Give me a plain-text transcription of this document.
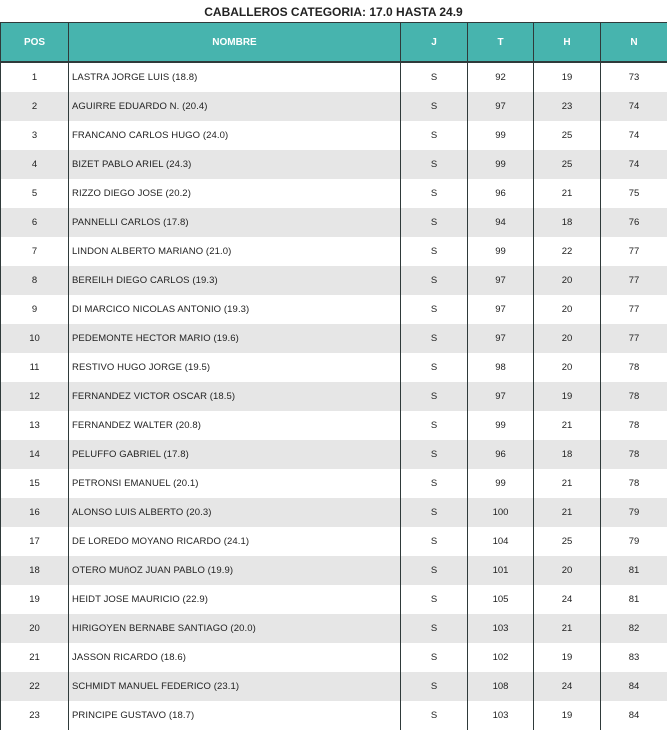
CABALLEROS CATEGORIA: 17.0 HASTA 24.9
POS	NOMBRE	J	T	H	N
1	LASTRA JORGE LUIS (18.8)	S	92	19	73
2	AGUIRRE EDUARDO N. (20.4)	S	97	23	74
3	FRANCANO CARLOS HUGO (24.0)	S	99	25	74
4	BIZET PABLO ARIEL (24.3)	S	99	25	74
5	RIZZO DIEGO JOSE (20.2)	S	96	21	75
6	PANNELLI CARLOS (17.8)	S	94	18	76
7	LINDON ALBERTO MARIANO (21.0)	S	99	22	77
8	BEREILH DIEGO CARLOS (19.3)	S	97	20	77
9	DI MARCICO NICOLAS ANTONIO (19.3)	S	97	20	77
10	PEDEMONTE HECTOR MARIO (19.6)	S	97	20	77
11	RESTIVO HUGO JORGE (19.5)	S	98	20	78
12	FERNANDEZ VICTOR OSCAR (18.5)	S	97	19	78
13	FERNANDEZ WALTER (20.8)	S	99	21	78
14	PELUFFO GABRIEL (17.8)	S	96	18	78
15	PETRONSI EMANUEL (20.1)	S	99	21	78
16	ALONSO LUIS ALBERTO (20.3)	S	100	21	79
17	DE LOREDO MOYANO RICARDO (24.1)	S	104	25	79
18	OTERO MUñOZ JUAN PABLO (19.9)	S	101	20	81
19	HEIDT JOSE MAURICIO (22.9)	S	105	24	81
20	HIRIGOYEN BERNABE SANTIAGO (20.0)	S	103	21	82
21	JASSON RICARDO (18.6)	S	102	19	83
22	SCHMIDT MANUEL FEDERICO (23.1)	S	108	24	84
23	PRINCIPE GUSTAVO (18.7)	S	103	19	84
